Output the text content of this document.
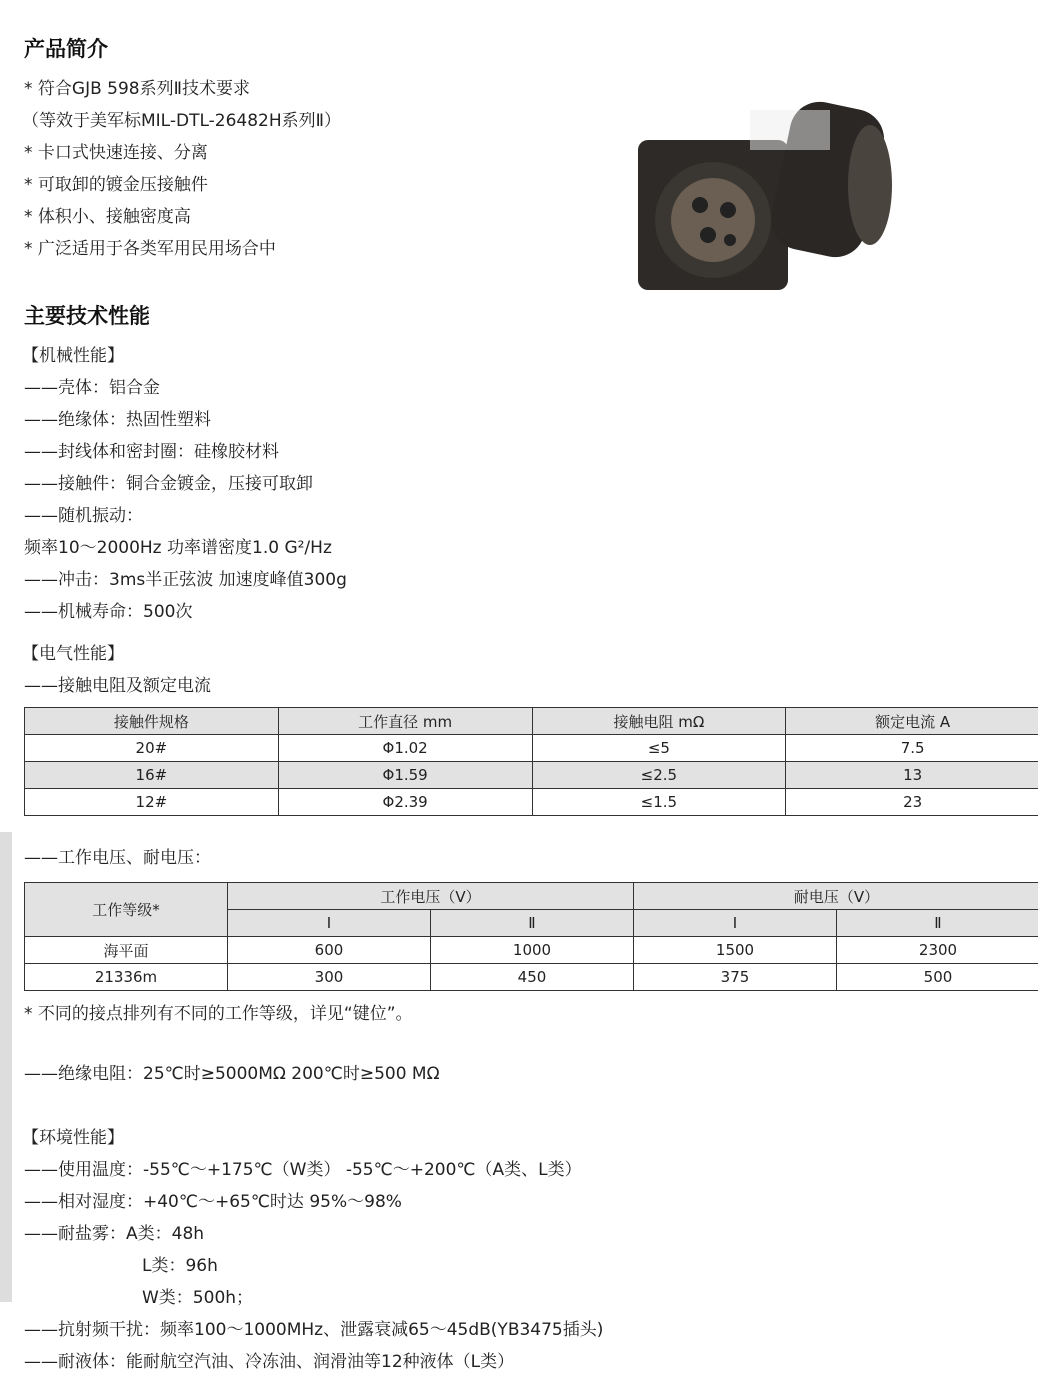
产品简介
* 符合GJB 598系列Ⅱ技术要求
（等效于美军标MIL-DTL-26482H系列Ⅱ）
* 卡口式快速连接、分离
* 可取卸的镀金压接触件
* 体积小、接触密度高
* 广泛适用于各类军用民用场合中
主要技术性能
【机械性能】
——壳体：铝合金
——绝缘体：热固性塑料
——封线体和密封圈：硅橡胶材料
——接触件：铜合金镀金，压接可取卸
——随机振动：
频率10～2000Hz 功率谱密度1.0 G²/Hz
——冲击：3ms半正弦波 加速度峰值300g
——机械寿命：500次
【电气性能】
——接触电阻及额定电流
接触件规格	工作直径 mm	接触电阻 mΩ	额定电流 A
20#	Φ1.02	≤5	7.5
16#	Φ1.59	≤2.5	13
12#	Φ2.39	≤1.5	23
——工作电压、耐电压：
工作等级*	工作电压（V）		耐电压（V）	
	Ⅰ	Ⅱ	Ⅰ	Ⅱ
海平面	600	1000	1500	2300
21336m	300	450	375	500
* 不同的接点排列有不同的工作等级，详见“键位”。
——绝缘电阻：25℃时≥5000MΩ 200℃时≥500 MΩ
【环境性能】
——使用温度：-55℃～+175℃（W类） -55℃～+200℃（A类、L类）
——相对湿度：+40℃～+65℃时达 95%～98%
——耐盐雾：A类：48h
L类：96h
W类：500h；
——抗射频干扰：频率100～1000MHz、泄露衰减65～45dB(YB3475插头)
——耐液体：能耐航空汽油、冷冻油、润滑油等12种液体（L类）
